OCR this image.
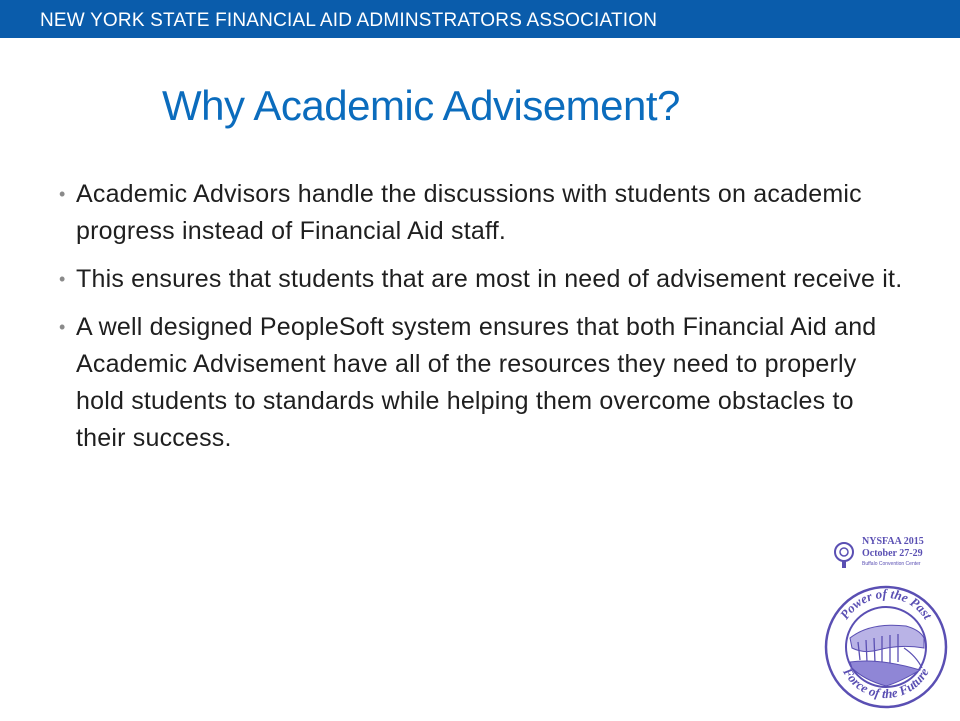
NEW YORK STATE FINANCIAL AID ADMINSTRATORS ASSOCIATION
Why Academic Advisement?
• Academic Advisors handle the discussions with students on academic progress instead of Financial Aid staff.
• This ensures that students that are most in need of advisement receive it.
• A well designed PeopleSoft system ensures that both Financial Aid and Academic Advisement have all of the resources they need to properly hold students to standards while helping them overcome obstacles to their success.
NYSFAA 2015
October 27-29
Buffalo Convention Center
Power of the Past
Force of the Future
